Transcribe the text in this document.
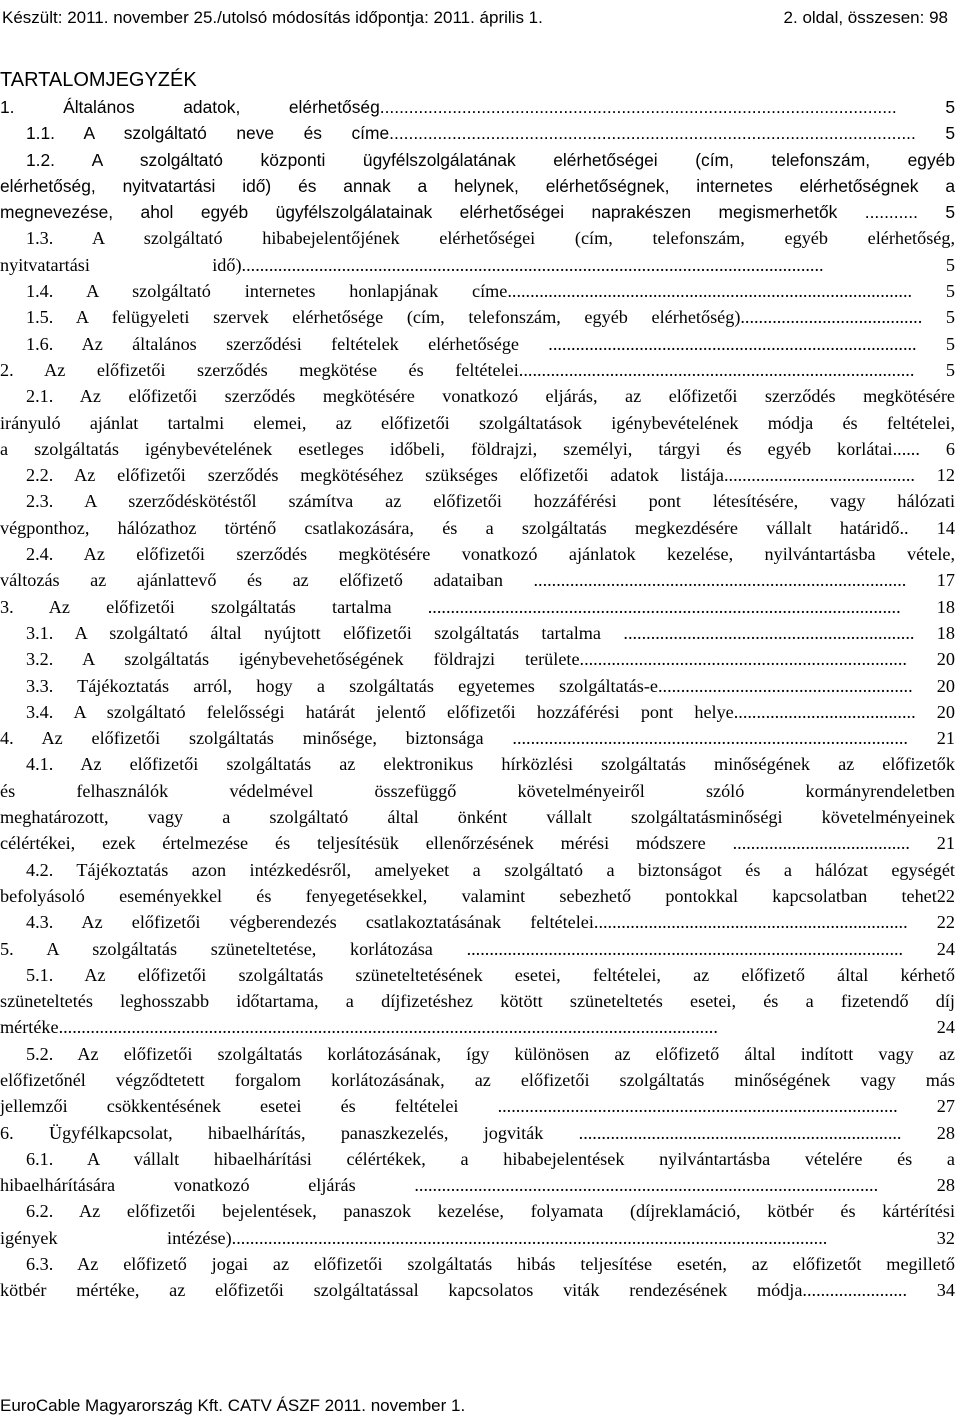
Készült: 2011. november 25./utolsó módosítás időpontja: 2011. április 1.	2. oldal, összesen: 98
TARTALOMJEGYZÉK
1. Általános adatok, elérhetőség........................................................................................................... 5
1.1. A szolgáltató neve és címe............................................................................................................. 5
1.2. A szolgáltató központi ügyfélszolgálatának elérhetőségei (cím, telefonszám, egyéb
elérhetőség, nyitvatartási idő) és annak a helynek, elérhetőségnek, internetes elérhetőségnek a
megnevezése, ahol egyéb ügyfélszolgálatainak elérhetőségei naprakészen megismerhetők ........... 5
1.3. A szolgáltató hibabejelentőjének elérhetőségei (cím, telefonszám, egyéb elérhetőség,
nyitvatartási idő)................................................................................................................................ 5
1.4. A szolgáltató internetes honlapjának címe......................................................................................... 5
1.5. A felügyeleti szervek elérhetősége (cím, telefonszám, egyéb elérhetőség)........................................ 5
1.6. Az általános szerződési feltételek elérhetősége ................................................................................. 5
2. Az előfizetői szerződés megkötése és feltételei....................................................................................... 5
2.1. Az előfizetői szerződés megkötésére vonatkozó eljárás, az előfizetői szerződés megkötésére
irányuló ajánlat tartalmi elemei, az előfizetői szolgáltatások igénybevételének módja és feltételei,
a szolgáltatás igénybevételének esetleges időbeli, földrajzi, személyi, tárgyi és egyéb korlátai...... 6
2.2. Az előfizetői szerződés megkötéséhez szükséges előfizetői adatok listája.......................................... 12
2.3. A szerződéskötéstől számítva az előfizetői hozzáférési pont létesítésére, vagy hálózati
végponthoz, hálózathoz történő csatlakozására, és a szolgáltatás megkezdésére vállalt határidő.. 14
2.4. Az előfizetői szerződés megkötésére vonatkozó ajánlatok kezelése, nyilvántartásba vétele,
változás az ajánlattevő és az előfizető adataiban .................................................................................. 17
3. Az előfizetői szolgáltatás tartalma ........................................................................................................ 18
3.1. A szolgáltató által nyújtott előfizetői szolgáltatás tartalma ................................................................ 18
3.2. A szolgáltatás igénybevehetőségének földrajzi területe........................................................................ 20
3.3. Tájékoztatás arról, hogy a szolgáltatás egyetemes szolgáltatás-e........................................................ 20
3.4. A szolgáltató felelősségi határát jelentő előfizetői hozzáférési pont helye........................................ 20
4. Az előfizetői szolgáltatás minősége, biztonsága ....................................................................................... 21
4.1. Az előfizetői szolgáltatás az elektronikus hírközlési szolgáltatás minőségének az előfizetők
és felhasználók védelmével összefüggő követelményeiről szóló kormányrendeletben
meghatározott, vagy a szolgáltató által önként vállalt szolgáltatásminőségi követelményeinek
célértékei, ezek értelmezése és teljesítésük ellenőrzésének mérési módszere ....................................... 21
4.2. Tájékoztatás azon intézkedésről, amelyeket a szolgáltató a biztonságot és a hálózat egységét
befolyásoló eseményekkel és fenyegetésekkel, valamint sebezhető pontokkal kapcsolatban tehet22
4.3. Az előfizetői végberendezés csatlakoztatásának feltételei..................................................................... 22
5. A szolgáltatás szüneteltetése, korlátozása ................................................................................................ 24
5.1. Az előfizetői szolgáltatás szüneteltetésének esetei, feltételei, az előfizető által kérhető
szüneteltetés leghosszabb időtartama, a díjfizetéshez kötött szüneteltetés esetei, és a fizetendő díj
mértéke................................................................................................................................................. 24
5.2. Az előfizetői szolgáltatás korlátozásának, így különösen az előfizető által indított vagy az
előfizetőnél végződtetett forgalom korlátozásának, az előfizetői szolgáltatás minőségének vagy más
jellemzői csökkentésének esetei és feltételei ........................................................................................ 27
6. Ügyfélkapcsolat, hibaelhárítás, panaszkezelés, jogviták ....................................................................... 28
6.1. A vállalt hibaelhárítási célértékek, a hibabejelentések nyilvántartásba vételére és a
hibaelhárítására vonatkozó eljárás ...................................................................................................... 28
6.2. Az előfizetői bejelentések, panaszok kezelése, folyamata (díjreklamáció, kötbér és kártérítési
igények intézése)................................................................................................................................... 32
6.3. Az előfizető jogai az előfizetői szolgáltatás hibás teljesítése esetén, az előfizetőt megillető
kötbér mértéke, az előfizetői szolgáltatással kapcsolatos viták rendezésének módja....................... 34
EuroCable Magyarország Kft. CATV ÁSZF 2011. november 1.
